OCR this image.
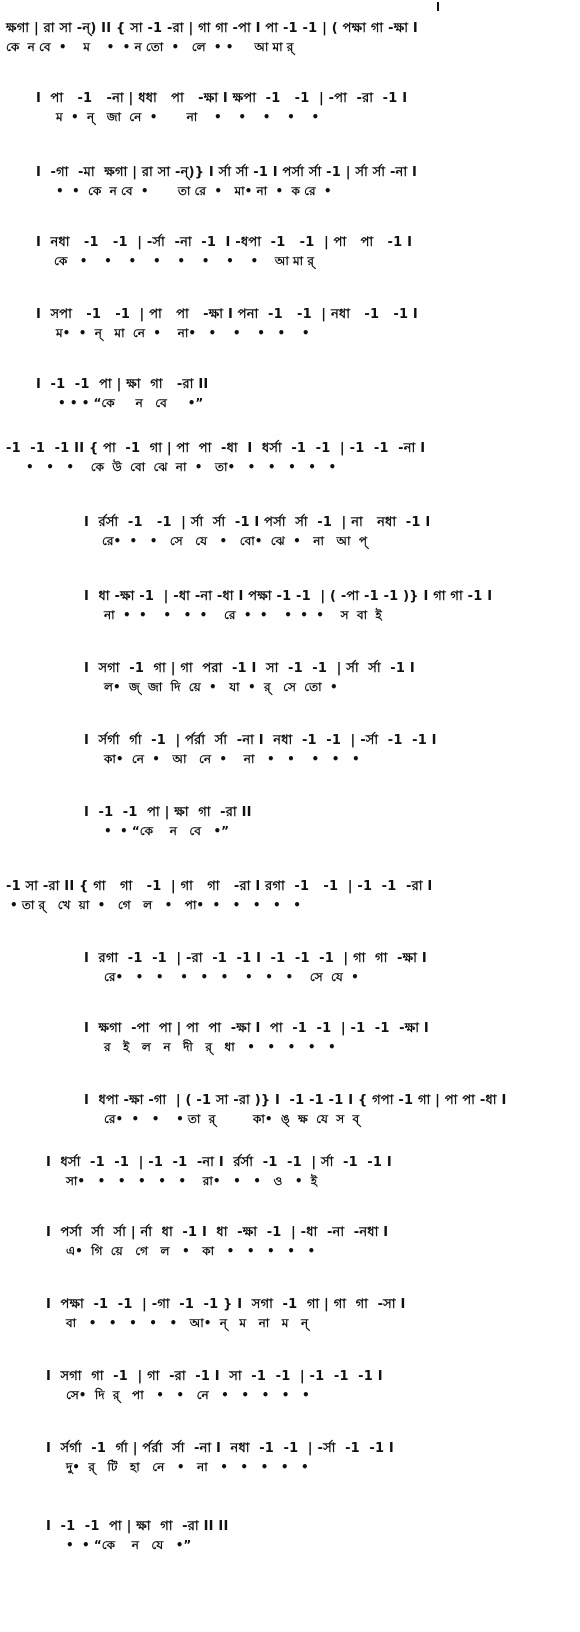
ক্ষগা | রা সা -ন্‌) II { সা -1 -রা | গা গা -পা I পা -1 -1 | ( পক্ষা গা -ক্ষা I
কে  ন বে  •    ম    •  • ন তো  •   লে  • •     আ মা র্
I  পা   -1   -না | ধধা   পা   -ক্ষা I ক্ষপা  -1   -1  | -পা  -রা  -1 I
ম  •  ন্   জা  নে  •       না    •    •    •    •    •
I  -গা  -মা  ক্ষগা | রা সা -ন্‌)} I র্সা র্সা -1 I পর্সা র্সা -1 | র্সা র্সা -না I
•  •  কে  ন বে  •       তা রে  •   মা• না  •  ক রে  •
I  নধা   -1   -1  | -র্সা  -না  -1  I -ধপা  -1   -1  | পা   পা   -1 I
কে   •    •    •    •    •    •    •    •    আ মা র্
I  সপা   -1   -1  | পা   পা   -ক্ষা I পনা  -1   -1  | নধা   -1   -1 I
ম•  •  ন্   মা  নে  •    না•   •    •    •   •    •
I  -1  -1  পা | ক্ষা  গা   -রা II
• • • “কে     ন   বে     •”
-1  -1  -1 II { পা  -1  গা | পা  পা  -ধা  I  ধর্সা  -1  -1  | -1  -1  -না I
•   •   •    কে  উ  বো  ঝে  না  •   তা•   •   •   •   •   •
I  র্রর্সা  -1   -1  | র্সা  র্সা  -1 I পর্সা  র্সা  -1  | না   নধা  -1 I
রে•  •   •   সে   যে   •   বো•  ঝে  •   না   আ  প্
I  ধা -ক্ষা -1  | -ধা -না -ধা I পক্ষা -1 -1  | ( -পা -1 -1 )} I গা গা -1 I
না  •  •    •   •  •    রে  •  •    •  •  •    স  বা  ই
I  সগা  -1  গা | গা  পরা  -1 I  সা  -1  -1  | র্সা  র্সা  -1 I
ল•  জ্  জা  দি  য়ে  •   যা  •  র্   সে  তো  •
I  র্সর্গা  র্গা  -1  | র্পর্রা  র্সা  -না I  নধা  -1  -1  | -র্সা  -1  -1 I
কা•  নে  •   আ   নে  •    না   •   •    •   •   •
I  -1  -1  পা | ক্ষা  গা  -রা II
•  • “কে    ন   বে   •”
-1 সা -রা II { গা   গা   -1  | গা   গা   -রা I রগা  -1   -1  | -1  -1  -রা I
• তা র্   খে  য়া  •   গে   ল   •   পা•  •   •   •   •   •
I  রগা  -1  -1  | -রা  -1  -1 I  -1  -1  -1  | গা  গা  -ক্ষা I
রে•   •   •    •   •   •    •   •   •    সে  যে  •
I  ক্ষগা  -পা  পা | পা  পা  -ক্ষা I  পা  -1  -1  | -1  -1  -ক্ষা I
র   ই   ল   ন   দী   র্   ধা   •   •   •   •   •
I  ধপা -ক্ষা -গা  | ( -1 সা -রা )} I  -1 -1 -1 I { গপা -1 গা | পা পা -ধা I
রে•  •   •    • তা  র্         কা•  ঙ্  ক্ষ  যে  স  ব্
I  ধর্সা  -1  -1  | -1  -1  -না I  র্রর্সা  -1  -1  | র্সা  -1  -1 I
সা•   •   •   •   •   •    রা•   •   •   ও   •  ই
I  পর্সা  র্সা  র্সা | র্না  ধা  -1 I  ধা  -ক্ষা  -1  | -ধা  -না  -নধা I
এ•  গি  য়ে   গে   ল   •   কা   •   •   •   •   •
I  পক্ষা  -1  -1  | -গা  -1  -1 } I  সগা  -1  গা | গা  গা  -সা I
বা   •   •   •   •   •   আ•  ন্   ম   না   ম   ন্
I  সগা  গা  -1  | গা  -রা  -1 I  সা  -1  -1  | -1  -1  -1 I
সে•  দি  র্   পা   •   •   নে   •   •   •   •   •
I  র্সর্গা  -1  র্গা | র্পর্রা  র্সা  -না I  নধা  -1  -1  | -র্সা  -1  -1 I
দু•  র্   টি   হা   নে   •   না   •   •   •   •   •
I  -1  -1  পা | ক্ষা  গা  -রা II II
•  • “কে    ন   যে   •”
